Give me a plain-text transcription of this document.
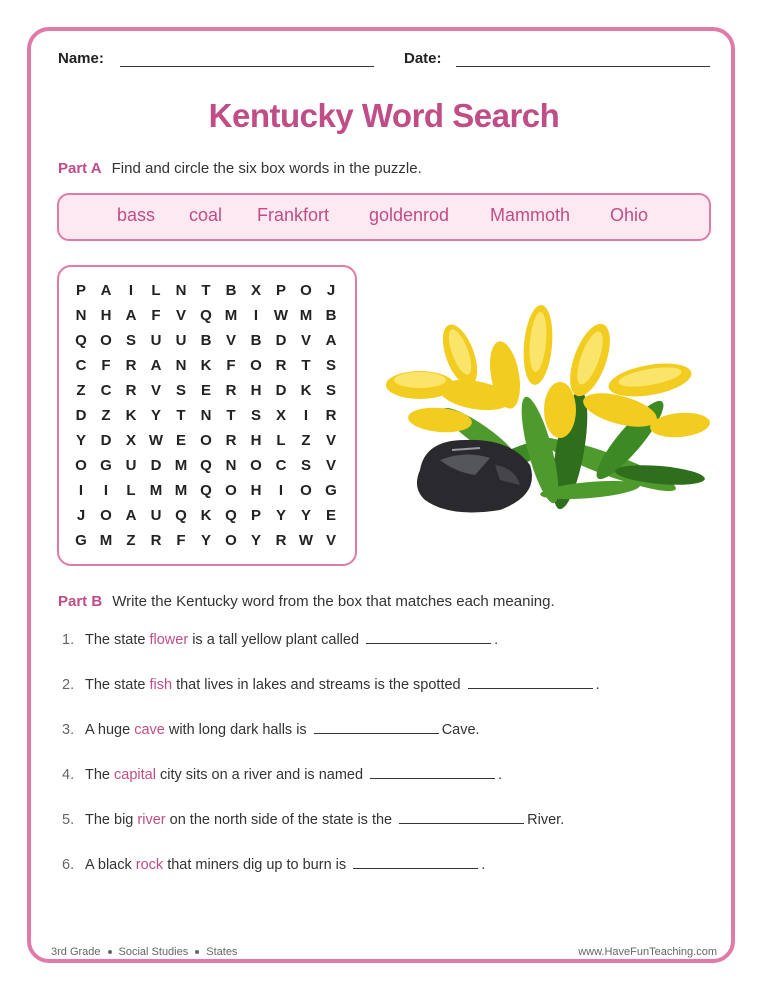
Name:	Date:
Kentucky Word Search
Part A Find and circle the six box words in the puzzle.
bass coal Frankfort goldenrod Mammoth Ohio
P A	I	L	N T	B X P O	J
N H A F	V Q M	I	W M B
Q O S U U B V B D V A
C F	R A N K F O R T	S
Z	C R V S E R H D K S
D Z	K Y	T	N T	S X	I	R
Y D X W E O R H L	Z	V
O G U D M Q N O C S V
I	I	L M M Q O H	I	O G
J O A U Q K Q P Y Y E
G M Z	R F	Y O Y R W V
Part B Write the Kentucky word from the box that matches each meaning.
1. The state flower is a tall yellow plant called	.
2. The state fish that lives in lakes and streams is the spotted	.
3. A huge cave with long dark halls is	Cave.
4. The capital city sits on a river and is named	.
5. The big river on the north side of the state is the	River.
6. A black rock that miners dig up to burn is	.
3rd Grade Social Studies States	www.HaveFunTeaching.com
